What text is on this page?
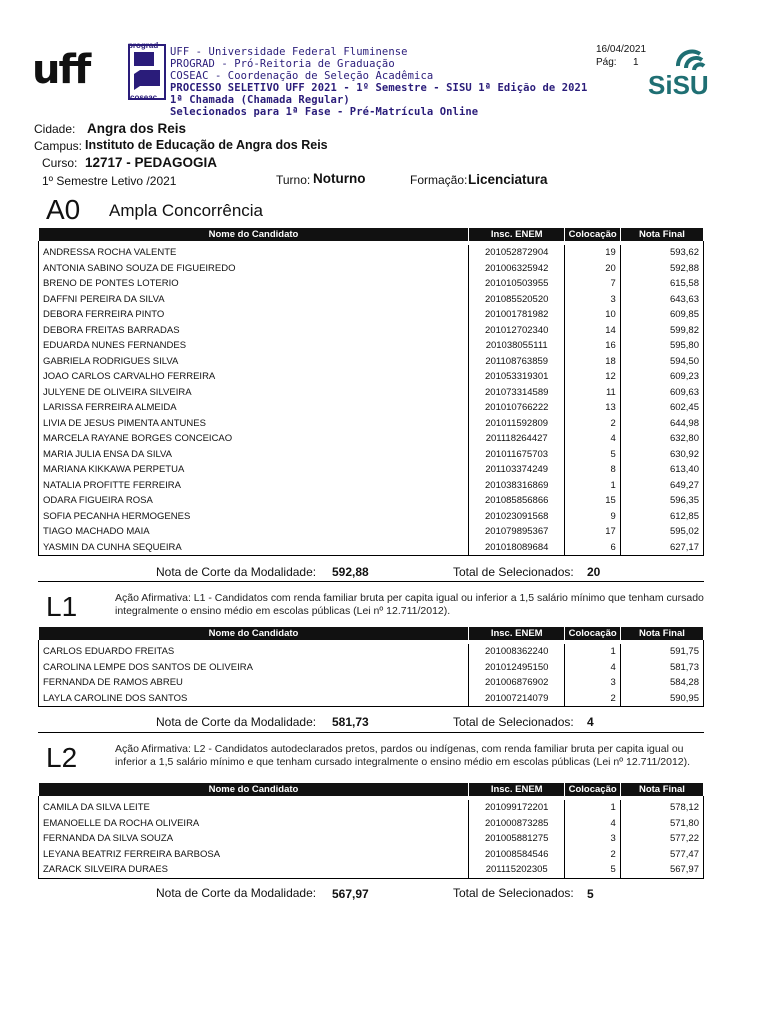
uff
prograd
coseac
UFF - Universidade Federal Fluminense
PROGRAD - Pró-Reitoria de Graduação
COSEAC - Coordenação de Seleção Acadêmica
PROCESSO SELETIVO UFF 2021 - 1º Semestre - SISU 1ª Edição de 2021
1ª Chamada (Chamada Regular)
Selecionados para 1ª Fase - Pré-Matrícula Online
16/04/2021
Pág: 1
SiSU
Cidade: Angra dos Reis
Campus: Instituto de Educação de Angra dos Reis
Curso: 12717 - PEDAGOGIA
1º Semestre Letivo /2021	Turno: Noturno	Formação: Licenciatura
A0 Ampla Concorrência
Nome do Candidato	Insc. ENEM	Colocação	Nota Final

ANDRESSA ROCHA VALENTE	201052872904	19	593,62
ANTONIA SABINO SOUZA DE FIGUEIREDO	201006325942	20	592,88
BRENO DE PONTES LOTERIO	201010503955	7	615,58
DAFFNI PEREIRA DA SILVA	201085520520	3	643,63
DEBORA FERREIRA PINTO	201001781982	10	609,85
DEBORA FREITAS BARRADAS	201012702340	14	599,82
EDUARDA NUNES FERNANDES	201038055111	16	595,80
GABRIELA RODRIGUES SILVA	201108763859	18	594,50
JOAO CARLOS CARVALHO FERREIRA	201053319301	12	609,23
JULYENE DE OLIVEIRA SILVEIRA	201073314589	11	609,63
LARISSA FERREIRA ALMEIDA	201010766222	13	602,45
LIVIA DE JESUS PIMENTA ANTUNES	201011592809	2	644,98
MARCELA RAYANE BORGES CONCEICAO	201118264427	4	632,80
MARIA JULIA ENSA DA SILVA	201011675703	5	630,92
MARIANA KIKKAWA PERPETUA	201103374249	8	613,40
NATALIA PROFITTE FERREIRA	201038316869	1	649,27
ODARA FIGUEIRA ROSA	201085856866	15	596,35
SOFIA PECANHA HERMOGENES	201023091568	9	612,85
TIAGO MACHADO MAIA	201079895367	17	595,02
YASMIN DA CUNHA SEQUEIRA	201018089684	6	627,17
Nota de Corte da Modalidade: 592,88	Total de Selecionados: 20
L1	Ação Afirmativa: L1 - Candidatos com renda familiar bruta per capita igual ou inferior a 1,5 salário mínimo que tenham cursado integralmente o ensino médio em escolas públicas (Lei nº 12.711/2012).
Nome do Candidato	Insc. ENEM	Colocação	Nota Final

CARLOS EDUARDO FREITAS	201008362240	1	591,75
CAROLINA LEMPE DOS SANTOS DE OLIVEIRA	201012495150	4	581,73
FERNANDA DE RAMOS ABREU	201006876902	3	584,28
LAYLA CAROLINE DOS SANTOS	201007214079	2	590,95
Nota de Corte da Modalidade: 581,73	Total de Selecionados: 4
L2	Ação Afirmativa: L2 - Candidatos autodeclarados pretos, pardos ou indígenas, com renda familiar bruta per capita igual ou inferior a 1,5 salário mínimo e que tenham cursado integralmente o ensino médio em escolas públicas (Lei nº 12.711/2012).
Nome do Candidato	Insc. ENEM	Colocação	Nota Final

CAMILA DA SILVA LEITE	201099172201	1	578,12
EMANOELLE DA ROCHA OLIVEIRA	201000873285	4	571,80
FERNANDA DA SILVA SOUZA	201005881275	3	577,22
LEYANA BEATRIZ FERREIRA BARBOSA	201008584546	2	577,47
ZARACK SILVEIRA DURAES	201115202305	5	567,97
Nota de Corte da Modalidade: 567,97	Total de Selecionados: 5
